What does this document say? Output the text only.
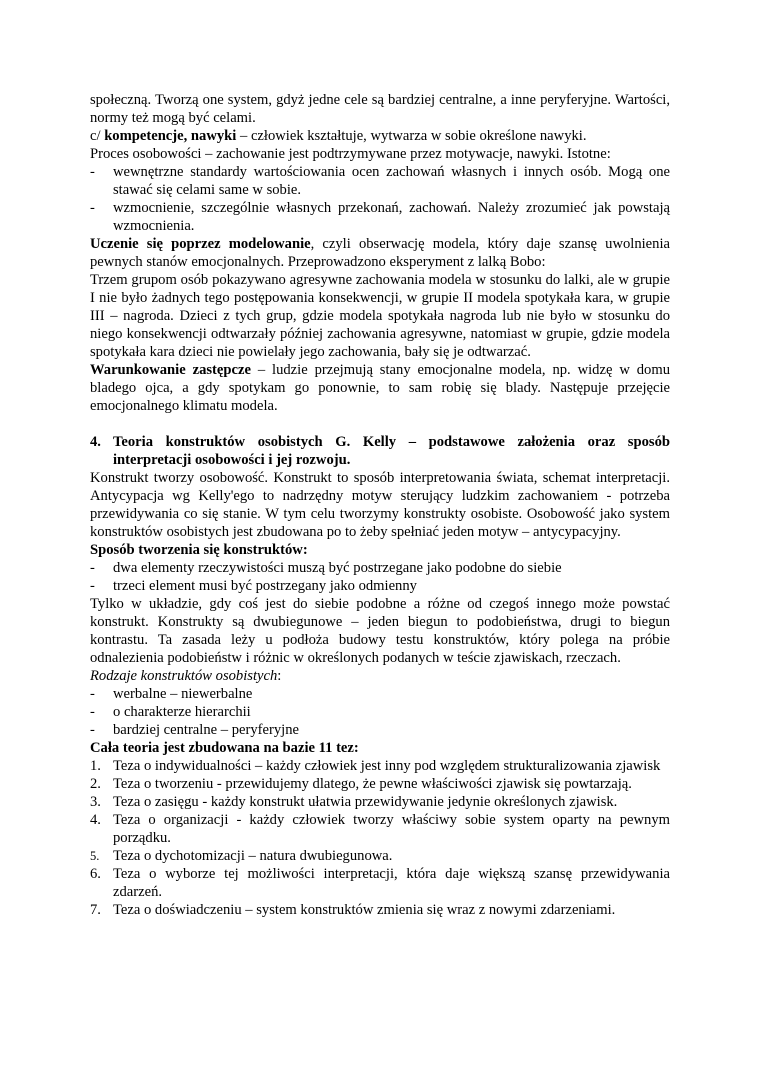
społeczną. Tworzą one system, gdyż jedne cele są bardziej centralne, a inne peryferyjne. Wartości, normy też mogą być celami.

c/ kompetencje, nawyki – człowiek kształtuje, wytwarza w sobie określone nawyki.

Proces osobowości – zachowanie jest podtrzymywane przez motywacje, nawyki. Istotne:

- wewnętrzne standardy wartościowania ocen zachowań własnych i innych osób. Mogą one stawać się celami same w sobie.
- wzmocnienie, szczególnie własnych przekonań, zachowań. Należy zrozumieć jak powstają wzmocnienia.

Uczenie się poprzez modelowanie, czyli obserwację modela, który daje szansę uwolnienia pewnych stanów emocjonalnych. Przeprowadzono eksperyment z lalką Bobo:

Trzem grupom osób pokazywano agresywne zachowania modela w stosunku do lalki, ale w grupie I nie było żadnych tego postępowania konsekwencji, w grupie II modela spotykała kara, w grupie III – nagroda. Dzieci z tych grup, gdzie modela spotykała nagroda lub nie było w stosunku do niego konsekwencji odtwarzały później zachowania agresywne, natomiast w grupie, gdzie modela spotykała kara dzieci nie powielały jego zachowania, bały się je odtwarzać.

Warunkowanie zastępcze – ludzie przejmują stany emocjonalne modela, np. widzę w domu bladego ojca, a gdy spotykam go ponownie, to sam robię się blady. Następuje przejęcie emocjonalnego klimatu modela.

4. Teoria konstruktów osobistych G. Kelly – podstawowe założenia oraz sposób interpretacji osobowości i jej rozwoju.

Konstrukt tworzy osobowość. Konstrukt to sposób interpretowania świata, schemat interpretacji. Antycypacja wg Kelly'ego to nadrzędny motyw sterujący ludzkim zachowaniem - potrzeba przewidywania co się stanie. W tym celu tworzymy konstrukty osobiste. Osobowość jako system konstruktów osobistych jest zbudowana po to żeby spełniać jeden motyw – antycypacyjny.

Sposób tworzenia się konstruktów:

- dwa elementy rzeczywistości muszą być postrzegane jako podobne do siebie
- trzeci element musi być postrzegany jako odmienny

Tylko w układzie, gdy coś jest do siebie podobne a różne od czegoś innego może powstać konstrukt. Konstrukty są dwubiegunowe – jeden biegun to podobieństwa, drugi to biegun kontrastu. Ta zasada leży u podłoża budowy testu konstruktów, który polega na próbie odnalezienia podobieństw i różnic w określonych podanych w teście zjawiskach, rzeczach.

Rodzaje konstruktów osobistych:

- werbalne – niewerbalne
- o charakterze hierarchii
- bardziej centralne – peryferyjne

Cała teoria jest zbudowana na bazie 11 tez:

1. Teza o indywidualności – każdy człowiek jest inny pod względem strukturalizowania zjawisk
2. Teza o tworzeniu - przewidujemy dlatego, że pewne właściwości zjawisk się powtarzają.
3. Teza o zasięgu - każdy konstrukt ułatwia przewidywanie jedynie określonych zjawisk.
4. Teza o organizacji - każdy człowiek tworzy właściwy sobie system oparty na pewnym porządku.
5. Teza o dychotomizacji – natura dwubiegunowa.
6. Teza o wyborze tej możliwości interpretacji, która daje większą szansę przewidywania zdarzeń.
7. Teza o doświadczeniu – system konstruktów zmienia się wraz z nowymi zdarzeniami.
